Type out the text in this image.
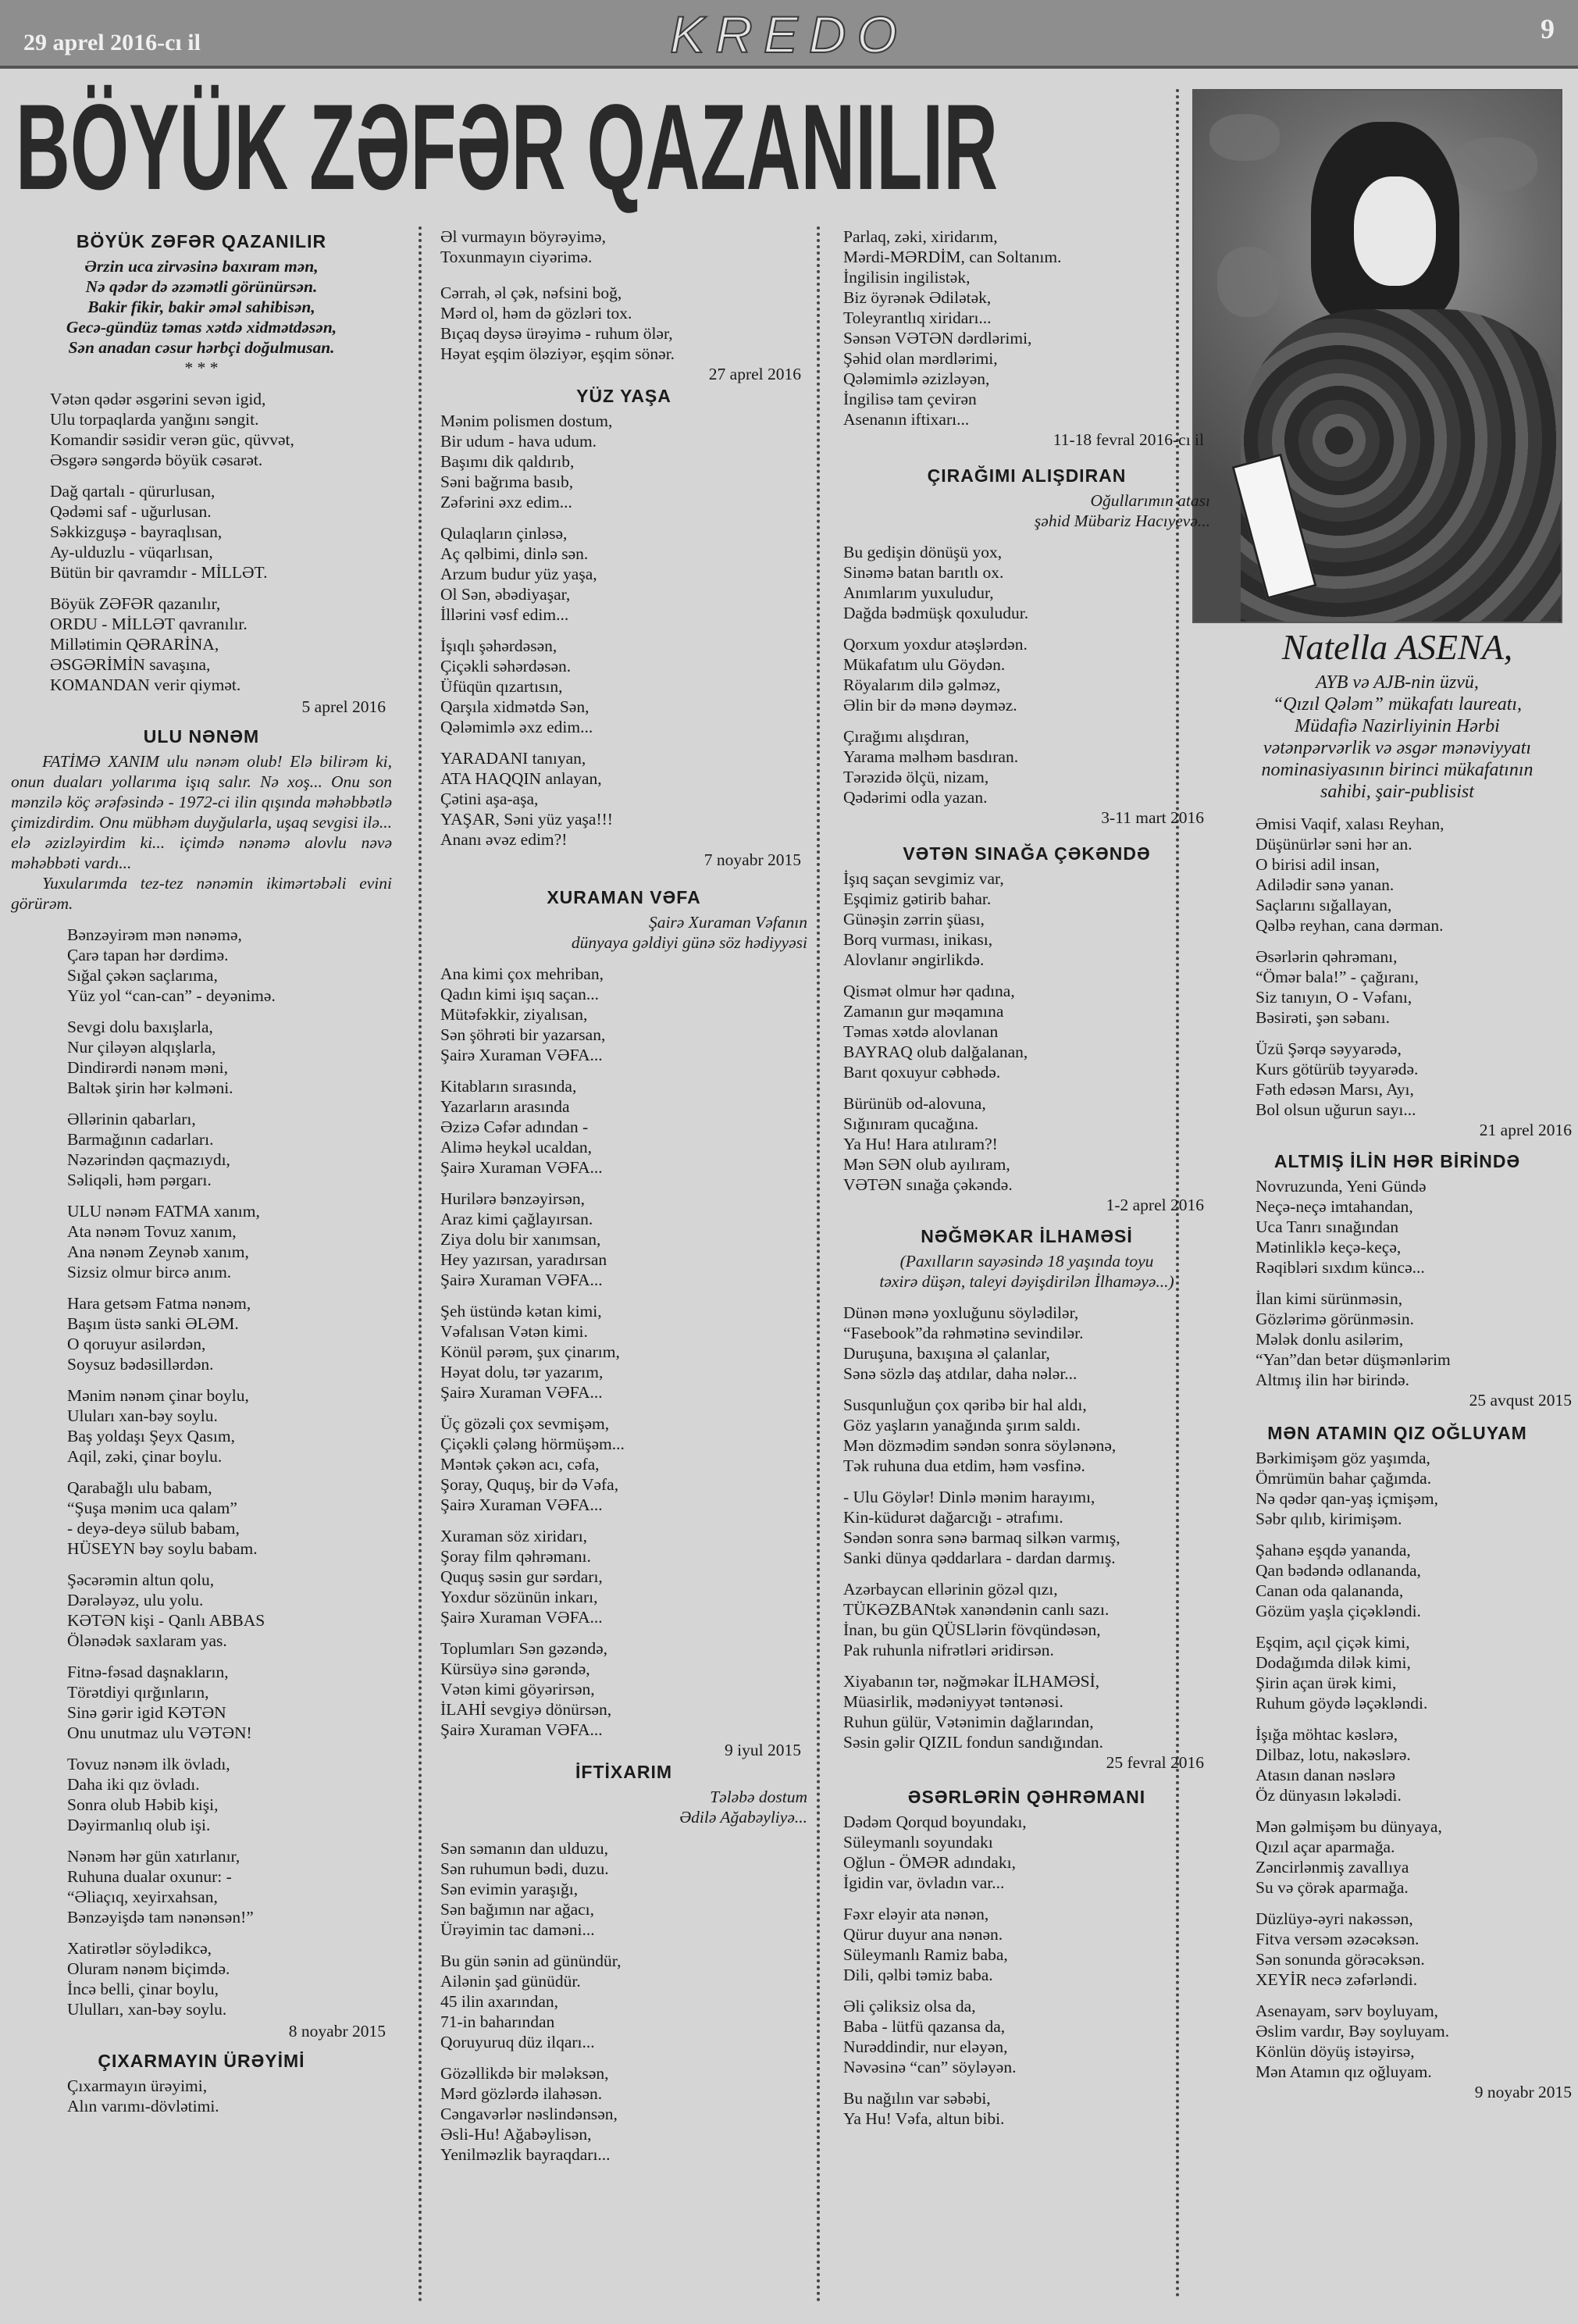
29 aprel 2016-cı il	KREDO	9
BÖYÜK ZƏFƏR QAZANILIR
BÖYÜK ZƏFƏR QAZANILIR
Ərzin uca zirvəsinə baxıram mən,
Nə qədər də əzəmətli görünürsən.
Bakir fikir, bakir əməl sahibisən,
Gecə-gündüz təmas xətdə xidmətdəsən,
Sən anadan cəsur hərbçi doğulmusan.
* * *
Vətən qədər əsgərini sevən igid,
Ulu torpaqlarda yanğını səngit.
Komandir səsidir verən güc, qüvvət,
Əsgərə səngərdə böyük cəsarət.
Dağ qartalı - qürurlusan,
Qədəmi saf - uğurlusan.
Səkkizguşə - bayraqlısan,
Ay-ulduzlu - vüqarlısan,
Bütün bir qavramdır - MİLLƏT.
Böyük ZƏFƏR qazanılır,
ORDU - MİLLƏT qavranılır.
Millətimin QƏRARİNA,
ƏSGƏRİMİN savaşına,
KOMANDAN verir qiymət.
5 aprel 2016
ULU NƏNƏM
FATİMƏ XANIM ulu nənəm olub! Elə bilirəm ki, onun duaları yollarıma işıq salır. Nə xoş... Onu son mənzilə köç ərəfəsində - 1972-ci ilin qışında məhəbbətlə çimizdirdim. Onu mübhəm duyğularla, uşaq sevgisi ilə... elə əzizləyirdim ki... içimdə nənəmə alovlu nəvə məhəbbəti vardı...
Yuxularımda tez-tez nənəmin ikimərtəbəli evini görürəm.
Bənzəyirəm mən nənəmə,
Çarə tapan hər dərdimə.
Sığal çəkən saçlarıma,
Yüz yol “can-can” - deyənimə.
Sevgi dolu baxışlarla,
Nur çiləyən alqışlarla,
Dindirərdi nənəm məni,
Baltək şirin hər kəlməni.
Əllərinin qabarları,
Barmağının cadarları.
Nəzərindən qaçmazıydı,
Səliqəli, həm pərgarı.
ULU nənəm FATMA xanım,
Ata nənəm Tovuz xanım,
Ana nənəm Zeynəb xanım,
Sizsiz olmur bircə anım.
Hara getsəm Fatma nənəm,
Başım üstə sanki ƏLƏM.
O qoruyur asilərdən,
Soysuz bədəsillərdən.
Mənim nənəm çinar boylu,
Uluları xan-bəy soylu.
Baş yoldaşı Şeyx Qasım,
Aqil, zəki, çinar boylu.
Qarabağlı ulu babam,
“Şuşa mənim uca qalam”
- deyə-deyə sülub babam,
HÜSEYN bəy soylu babam.
Şəcərəmin altun qolu,
Dərələyəz, ulu yolu.
KƏTƏN kişi - Qanlı ABBAS
Ölənədək saxlaram yas.
Fitnə-fəsad daşnakların,
Törətdiyi qırğınların,
Sinə gərir igid KƏTƏN
Onu unutmaz ulu VƏTƏN!
Tovuz nənəm ilk övladı,
Daha iki qız övladı.
Sonra olub Həbib kişi,
Dəyirmanlıq olub işi.
Nənəm hər gün xatırlanır,
Ruhuna dualar oxunur: -
“Əliaçıq, xeyirxahsan,
Bənzəyişdə tam nənənsən!”
Xatirətlər söylədikcə,
Oluram nənəm biçimdə.
İncə belli, çinar boylu,
Ululları, xan-bəy soylu.
8 noyabr 2015
ÇIXARMAYIN ÜRƏYİMİ
Çıxarmayın ürəyimi,
Alın varımı-dövlətimi.
Əl vurmayın böyrəyimə,
Toxunmayın ciyərimə.
Cərrah, əl çək, nəfsini boğ,
Mərd ol, həm də gözləri tox.
Bıçaq dəysə ürəyimə - ruhum ölər,
Həyat eşqim öləziyər, eşqim sönər.
27 aprel 2016
YÜZ YAŞA
Mənim polismen dostum,
Bir udum - hava udum.
Başımı dik qaldırıb,
Səni bağrıma basıb,
Zəfərini əxz edim...
Qulaqların çinləsə,
Aç qəlbimi, dinlə sən.
Arzum budur yüz yaşa,
Ol Sən, əbədiyaşar,
İllərini vəsf edim...
İşıqlı şəhərdəsən,
Çiçəkli səhərdəsən.
Üfüqün qızartısın,
Qarşıla xidmətdə Sən,
Qələmimlə əxz edim...
YARADANI tanıyan,
ATA HAQQIN anlayan,
Çətini aşa-aşa,
YAŞAR, Səni yüz yaşa!!!
Ananı əvəz edim?!
7 noyabr 2015
XURAMAN VƏFA
Şairə Xuraman Vəfanın
dünyaya gəldiyi günə söz hədiyyəsi
Ana kimi çox mehriban,
Qadın kimi işıq saçan...
Mütəfəkkir, ziyalısan,
Sən şöhrəti bir yazarsan,
Şairə Xuraman VƏFA...
Kitabların sırasında,
Yazarların arasında
Əzizə Cəfər adından -
Alimə heykəl ucaldan,
Şairə Xuraman VƏFA...
Hurilərə bənzəyirsən,
Araz kimi çağlayırsan.
Ziya dolu bir xanımsan,
Hey yazırsan, yaradırsan
Şairə Xuraman VƏFA...
Şeh üstündə kətan kimi,
Vəfalısan Vətən kimi.
Könül pərəm, şux çinarım,
Həyat dolu, tər yazarım,
Şairə Xuraman VƏFA...
Üç gözəli çox sevmişəm,
Çiçəkli çələng hörmüşəm...
Məntək çəkən acı, cəfa,
Şoray, Ququş, bir də Vəfa,
Şairə Xuraman VƏFA...
Xuraman söz xiridarı,
Şoray film qəhrəmanı.
Ququş səsin gur sərdarı,
Yoxdur sözünün inkarı,
Şairə Xuraman VƏFA...
Toplumları Sən gəzəndə,
Kürsüyə sinə gərəndə,
Vətən kimi göyərirsən,
İLAHİ sevgiyə dönürsən,
Şairə Xuraman VƏFA...
9 iyul 2015
İFTİXARIM
Tələbə dostum
Ədilə Ağabəyliyə...
Sən səmanın dan ulduzu,
Sən ruhumun bədi, duzu.
Sən evimin yaraşığı,
Sən bağımın nar ağacı,
Ürəyimin tac daməni...
Bu gün sənin ad günündür,
Ailənin şad günüdür.
45 ilin axarından,
71-in baharından
Qoruyuruq düz ilqarı...
Gözəllikdə bir mələksən,
Mərd gözlərdə ilahəsən.
Cəngavərlər nəslindənsən,
Əsli-Hu! Ağabəylisən,
Yenilməzlik bayraqdarı...
Parlaq, zəki, xiridarım,
Mərdi-MƏRDİM, can Soltanım.
İngilisin ingilistək,
Biz öyrənək Ədilətək,
Toleyrantlıq xiridarı...
Sənsən VƏTƏN dərdlərimi,
Şəhid olan mərdlərimi,
Qələmimlə əzizləyən,
İngilisə tam çevirən
Asenanın iftixarı...
11-18 fevral 2016-cı il
ÇIRAĞIMI ALIŞDIRAN
Oğullarımın atası
şəhid Mübariz Hacıyevə...
Bu gedişin dönüşü yox,
Sinəmə batan barıtlı ox.
Anımlarım yuxuludur,
Dağda bədmüşk qoxuludur.
Qorxum yoxdur atəşlərdən.
Mükafatım ulu Göydən.
Röyalarım dilə gəlməz,
Əlin bir də mənə dəyməz.
Çırağımı alışdıran,
Yarama məlhəm basdıran.
Tərəzidə ölçü, nizam,
Qədərimi odla yazan.
3-11 mart 2016
VƏTƏN SINAĞA ÇƏKƏNDƏ
İşıq saçan sevgimiz var,
Eşqimiz gətirib bahar.
Günəşin zərrin şüası,
Borq vurması, inikası,
Alovlanır əngirlikdə.
Qismət olmur hər qadına,
Zamanın gur məqamına
Təmas xətdə alovlanan
BAYRAQ olub dalğalanan,
Barıt qoxuyur cəbhədə.
Bürünüb od-alovuna,
Sığınıram qucağına.
Ya Hu! Hara atılıram?!
Mən SƏN olub ayılıram,
VƏTƏN sınağa çəkəndə.
1-2 aprel 2016
NƏĞMƏKAR İLHAMƏSİ
(Paxılların sayəsində 18 yaşında toyu
təxirə düşən, taleyi dəyişdirilən İlhaməyə...)
Dünən mənə yoxluğunu söylədilər,
“Fasebook”da rəhmətinə sevindilər.
Duruşuna, baxışına əl çalanlar,
Sənə sözlə daş atdılar, daha nələr...
Susqunluğun çox qəribə bir hal aldı,
Göz yaşların yanağında şırım saldı.
Mən dözmədim səndən sonra söylənənə,
Tək ruhuna dua etdim, həm vəsfinə.
- Ulu Göylər! Dinlə mənim harayımı,
Kin-küdurət dağarcığı - ətrafımı.
Səndən sonra sənə barmaq silkən varmış,
Sanki dünya qəddarlara - dardan darmış.
Azərbaycan ellərinin gözəl qızı,
TÜKƏZBANtək xanəndənin canlı sazı.
İnan, bu gün QÜSLlərin fövqündəsən,
Pak ruhunla nifrətləri əridirsən.
Xiyabanın tər, nəğməkar İLHAMƏSİ,
Müasirlik, mədəniyyət təntənəsi.
Ruhun gülür, Vətənimin dağlarından,
Səsin gəlir QIZIL fondun sandığından.
25 fevral 2016
ƏSƏRLƏRİN QƏHRƏMANI
Dədəm Qorqud boyundakı,
Süleymanlı soyundakı
Oğlun - ÖMƏR adındakı,
İgidin var, övladın var...
Fəxr eləyir ata nənən,
Qürur duyur ana nənən.
Süleymanlı Ramiz baba,
Dili, qəlbi təmiz baba.
Əli çəliksiz olsa da,
Baba - lütfü qazansa da,
Nurəddindir, nur eləyən,
Nəvəsinə “can” söyləyən.
Bu nağılın var səbəbi,
Ya Hu! Vəfa, altun bibi.
Natella ASENA,
AYB və AJB-nin üzvü,
“Qızıl Qələm” mükafatı laureatı,
Müdafiə Nazirliyinin Hərbi
vətənpərvərlik və əsgər mənəviyyatı
nominasiyasının birinci mükafatının
sahibi, şair-publisist
Əmisi Vaqif, xalası Reyhan,
Düşünürlər səni hər an.
O birisi adil insan,
Adilədir sənə yanan.
Saçlarını sığallayan,
Qəlbə reyhan, cana dərman.
Əsərlərin qəhrəmanı,
“Ömər bala!” - çağıranı,
Siz tanıyın, O - Vəfanı,
Bəsirəti, şən səbanı.
Üzü Şərqə səyyarədə,
Kurs götürüb təyyarədə.
Fəth edəsən Marsı, Ayı,
Bol olsun uğurun sayı...
21 aprel 2016
ALTMIŞ İLİN HƏR BİRİNDƏ
Novruzunda, Yeni Gündə
Neçə-neçə imtahandan,
Uca Tanrı sınağından
Mətinliklə keçə-keçə,
Rəqibləri sıxdım küncə...
İlan kimi sürünməsin,
Gözlərimə görünməsin.
Mələk donlu asilərim,
“Yan”dan betər düşmənlərim
Altmış ilin hər birində.
25 avqust 2015
MƏN ATAMIN QIZ OĞLUYAM
Bərkimişəm göz yaşımda,
Ömrümün bahar çağımda.
Nə qədər qan-yaş içmişəm,
Səbr qılıb, kirimişəm.
Şahanə eşqdə yananda,
Qan bədəndə odlananda,
Canan oda qalananda,
Gözüm yaşla çiçəkləndi.
Eşqim, açıl çiçək kimi,
Dodağımda dilək kimi,
Şirin açan ürək kimi,
Ruhum göydə ləçəkləndi.
İşığa möhtac kəslərə,
Dilbaz, lotu, nakəslərə.
Atasın danan nəslərə
Öz dünyasın ləkələdi.
Mən gəlmişəm bu dünyaya,
Qızıl açar aparmağa.
Zəncirlənmiş zavallıya
Su və çörək aparmağa.
Düzlüyə-əyri nakəssən,
Fitva versəm əzəcəksən.
Sən sonunda görəcəksən.
XEYİR necə zəfərləndi.
Asenayam, sərv boyluyam,
Əslim vardır, Bəy soyluyam.
Könlün döyüş istəyirsə,
Mən Atamın qız oğluyam.
9 noyabr 2015
